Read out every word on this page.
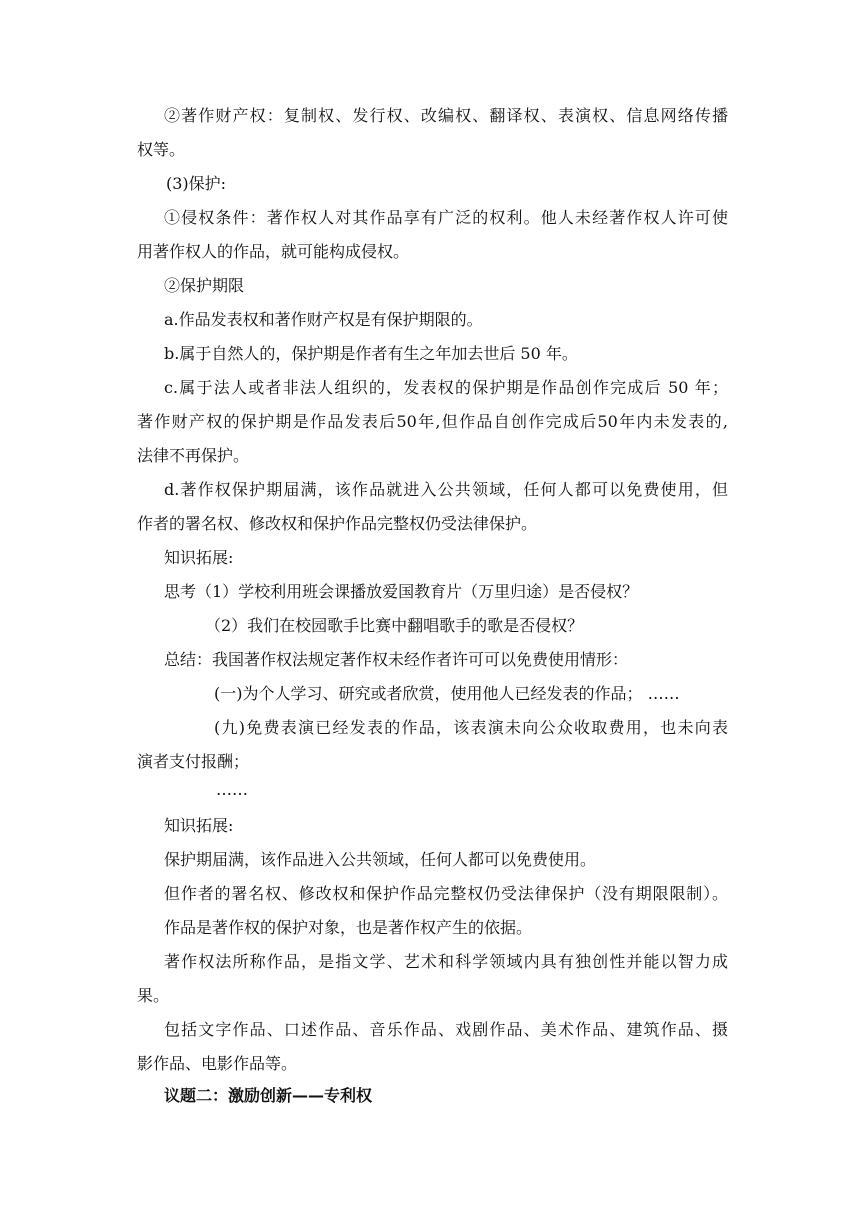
②著作财产权：复制权、发行权、改编权、翻译权、表演权、信息网络传播

权等。

(3)保护:

①侵权条件：著作权人对其作品享有广泛的权利。他人未经著作权人许可使

用著作权人的作品，就可能构成侵权。

②保护期限

a.作品发表权和著作财产权是有保护期限的。

b.属于自然人的，保护期是作者有生之年加去世后 50 年。

c.属于法人或者非法人组织的，发表权的保护期是作品创作完成后 50 年；

著作财产权的保护期是作品发表后50年,但作品自创作完成后50年内未发表的,

法律不再保护。

d.著作权保护期届满，该作品就进入公共领域，任何人都可以免费使用，但

作者的署名权、修改权和保护作品完整权仍受法律保护。

知识拓展:

思考（1）学校利用班会课播放爱国教育片（万里归途）是否侵权？

（2）我们在校园歌手比赛中翻唱歌手的歌是否侵权？

总结：我国著作权法规定著作权未经作者许可可以免费使用情形：

(一)为个人学习、研究或者欣赏，使用他人已经发表的作品； ……

(九)免费表演已经发表的作品，该表演未向公众收取费用，也未向表

演者支付报酬；

……

知识拓展:

保护期届满，该作品进入公共领域，任何人都可以免费使用。

但作者的署名权、修改权和保护作品完整权仍受法律保护（没有期限限制）。

作品是著作权的保护对象，也是著作权产生的依据。

著作权法所称作品，是指文学、艺术和科学领域内具有独创性并能以智力成

果。

包括文字作品、口述作品、音乐作品、戏剧作品、美术作品、建筑作品、摄

影作品、电影作品等。

议题二：激励创新——专利权
